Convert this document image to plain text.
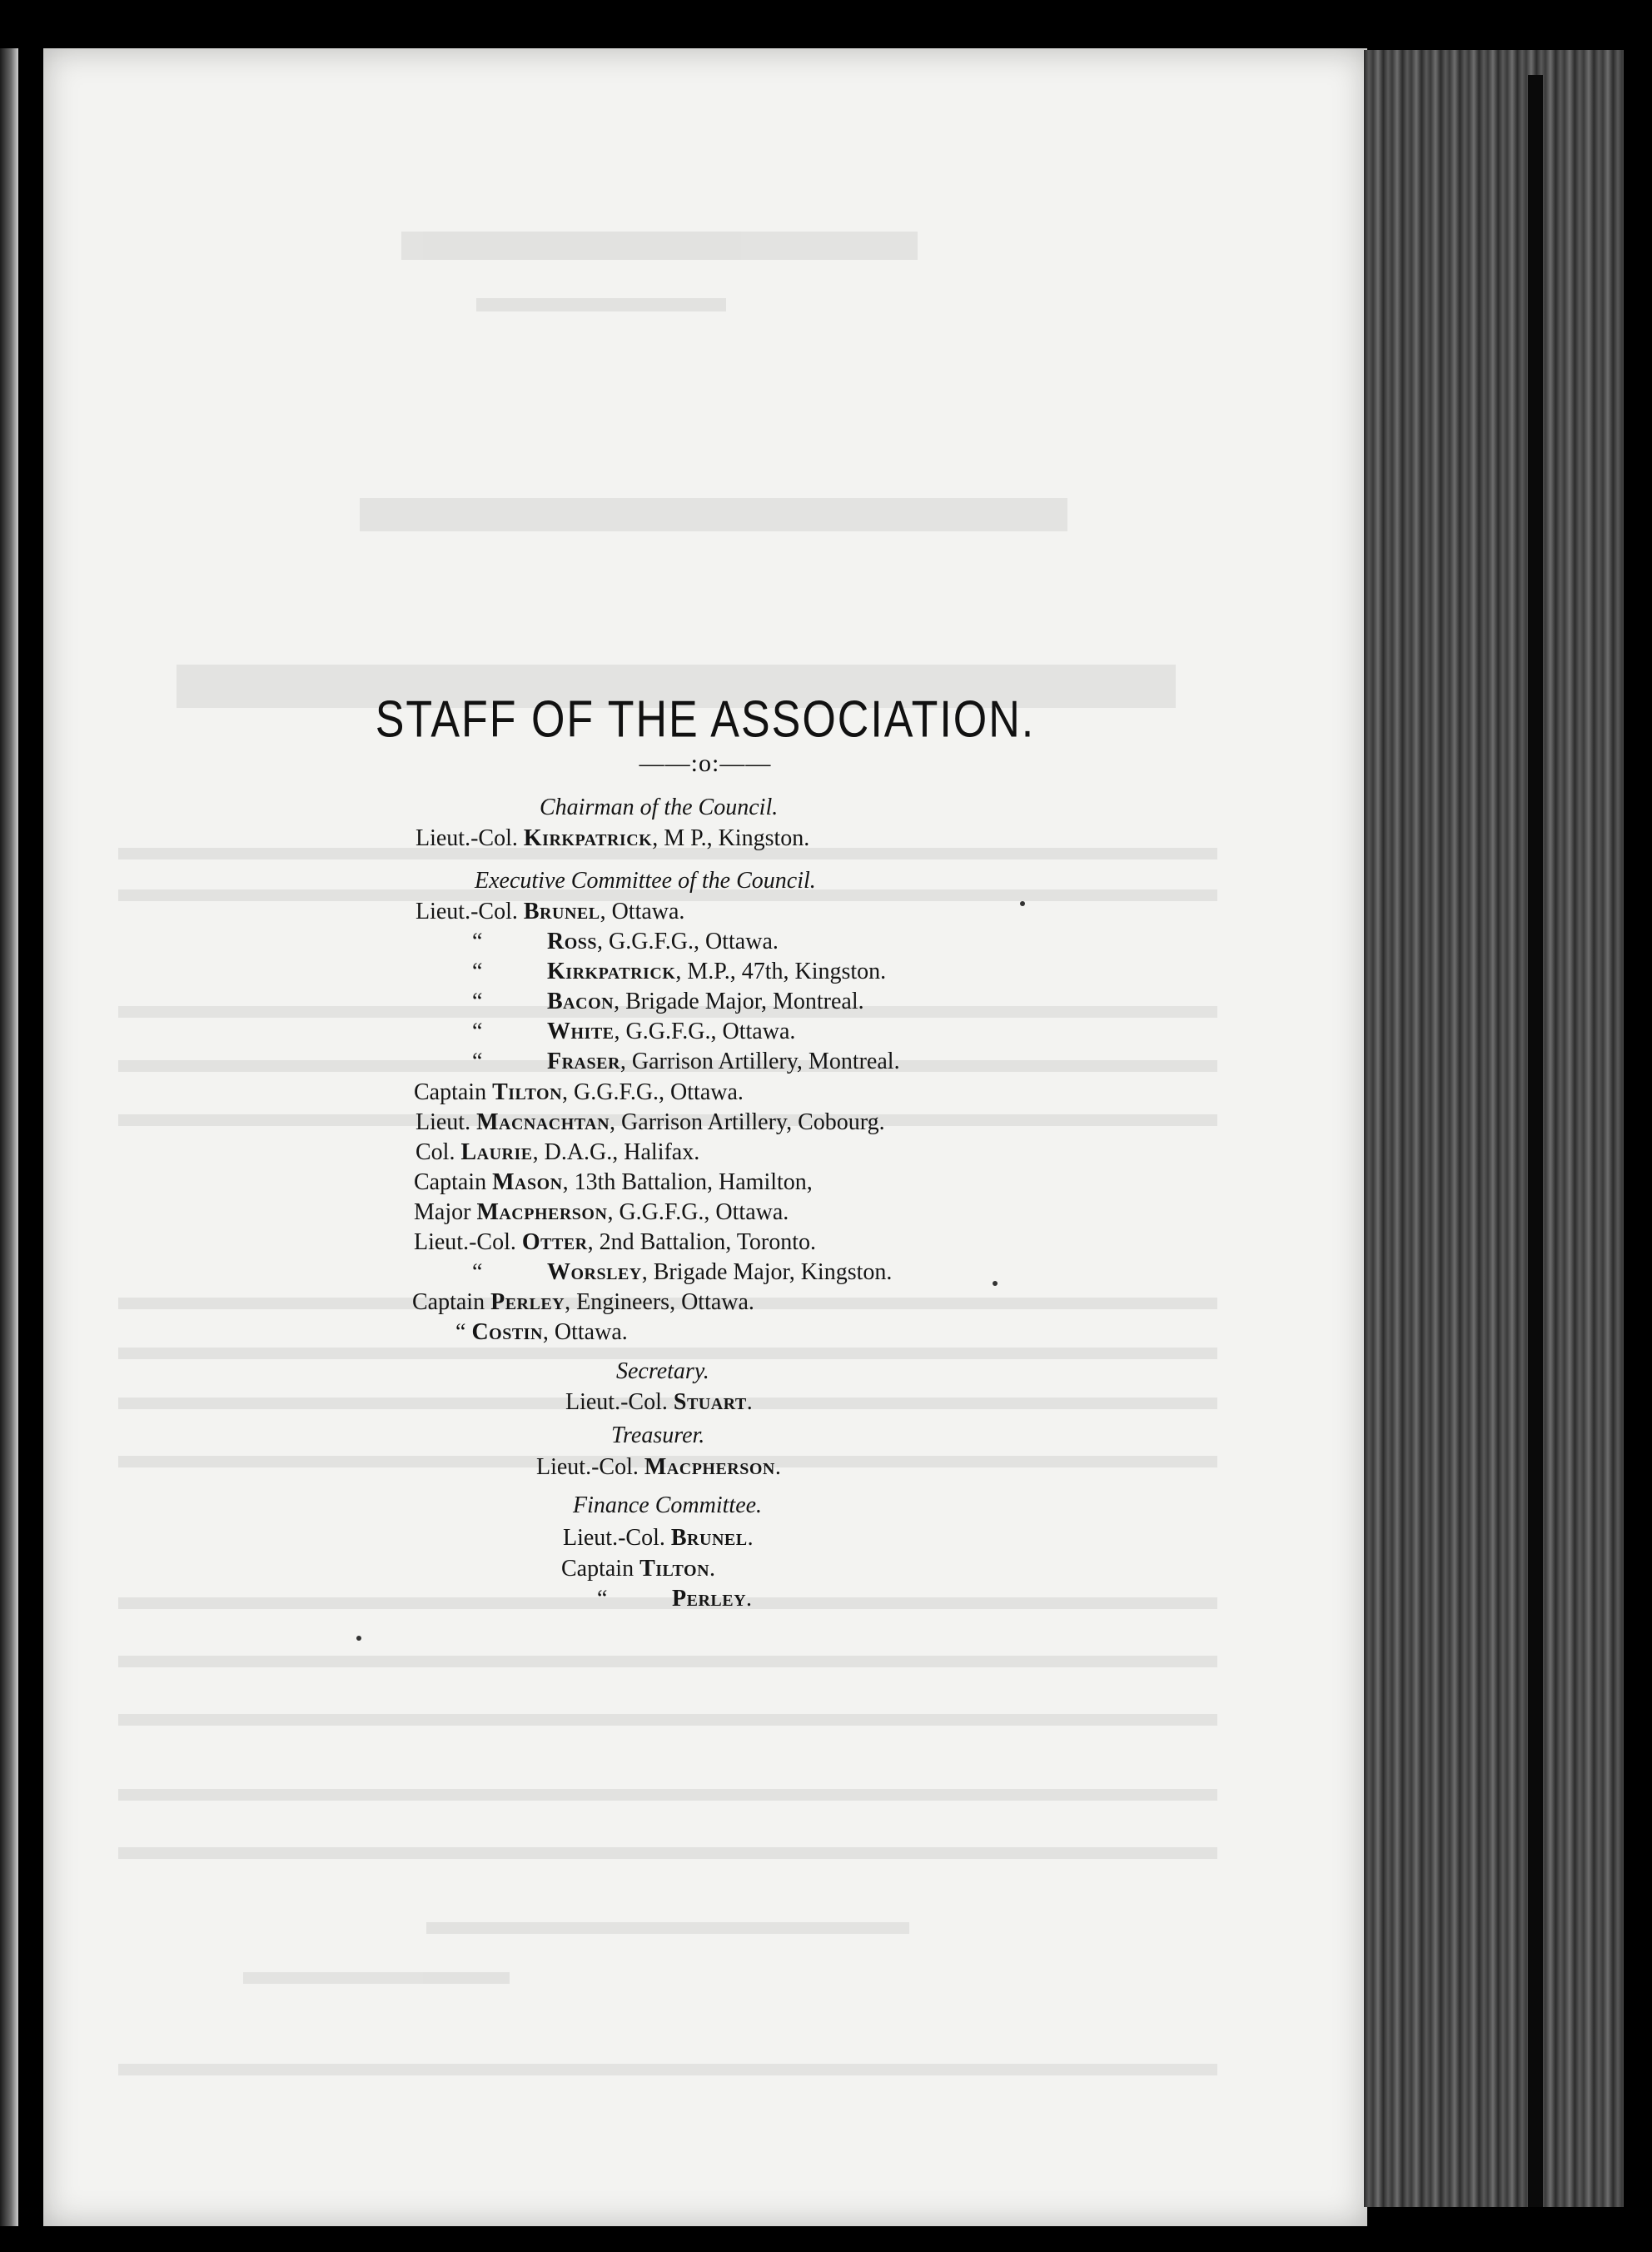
STAFF OF THE ASSOCIATION.
——:o:——
Chairman of the Council.
Lieut.-Col. Kirkpatrick, M P., Kingston.
Executive Committee of the Council.
Lieut.-Col. Brunel, Ottawa.
“	Ross, G.G.F.G., Ottawa.
“	Kirkpatrick, M.P., 47th, Kingston.
“	Bacon, Brigade Major, Montreal.
“	White, G.G.F.G., Ottawa.
“	Fraser, Garrison Artillery, Montreal.
Captain Tilton, G.G.F.G., Ottawa.
Lieut. Macnachtan, Garrison Artillery, Cobourg.
Col. Laurie, D.A.G., Halifax.
Captain Mason, 13th Battalion, Hamilton,
Major Macpherson, G.G.F.G., Ottawa.
Lieut.-Col. Otter, 2nd Battalion, Toronto.
“	Worsley, Brigade Major, Kingston.
Captain Perley, Engineers, Ottawa.
“ Costin, Ottawa.
Secretary.
Lieut.-Col. Stuart.
Treasurer.
Lieut.-Col. Macpherson.
Finance Committee.
Lieut.-Col. Brunel.
Captain Tilton.
“	Perley.
